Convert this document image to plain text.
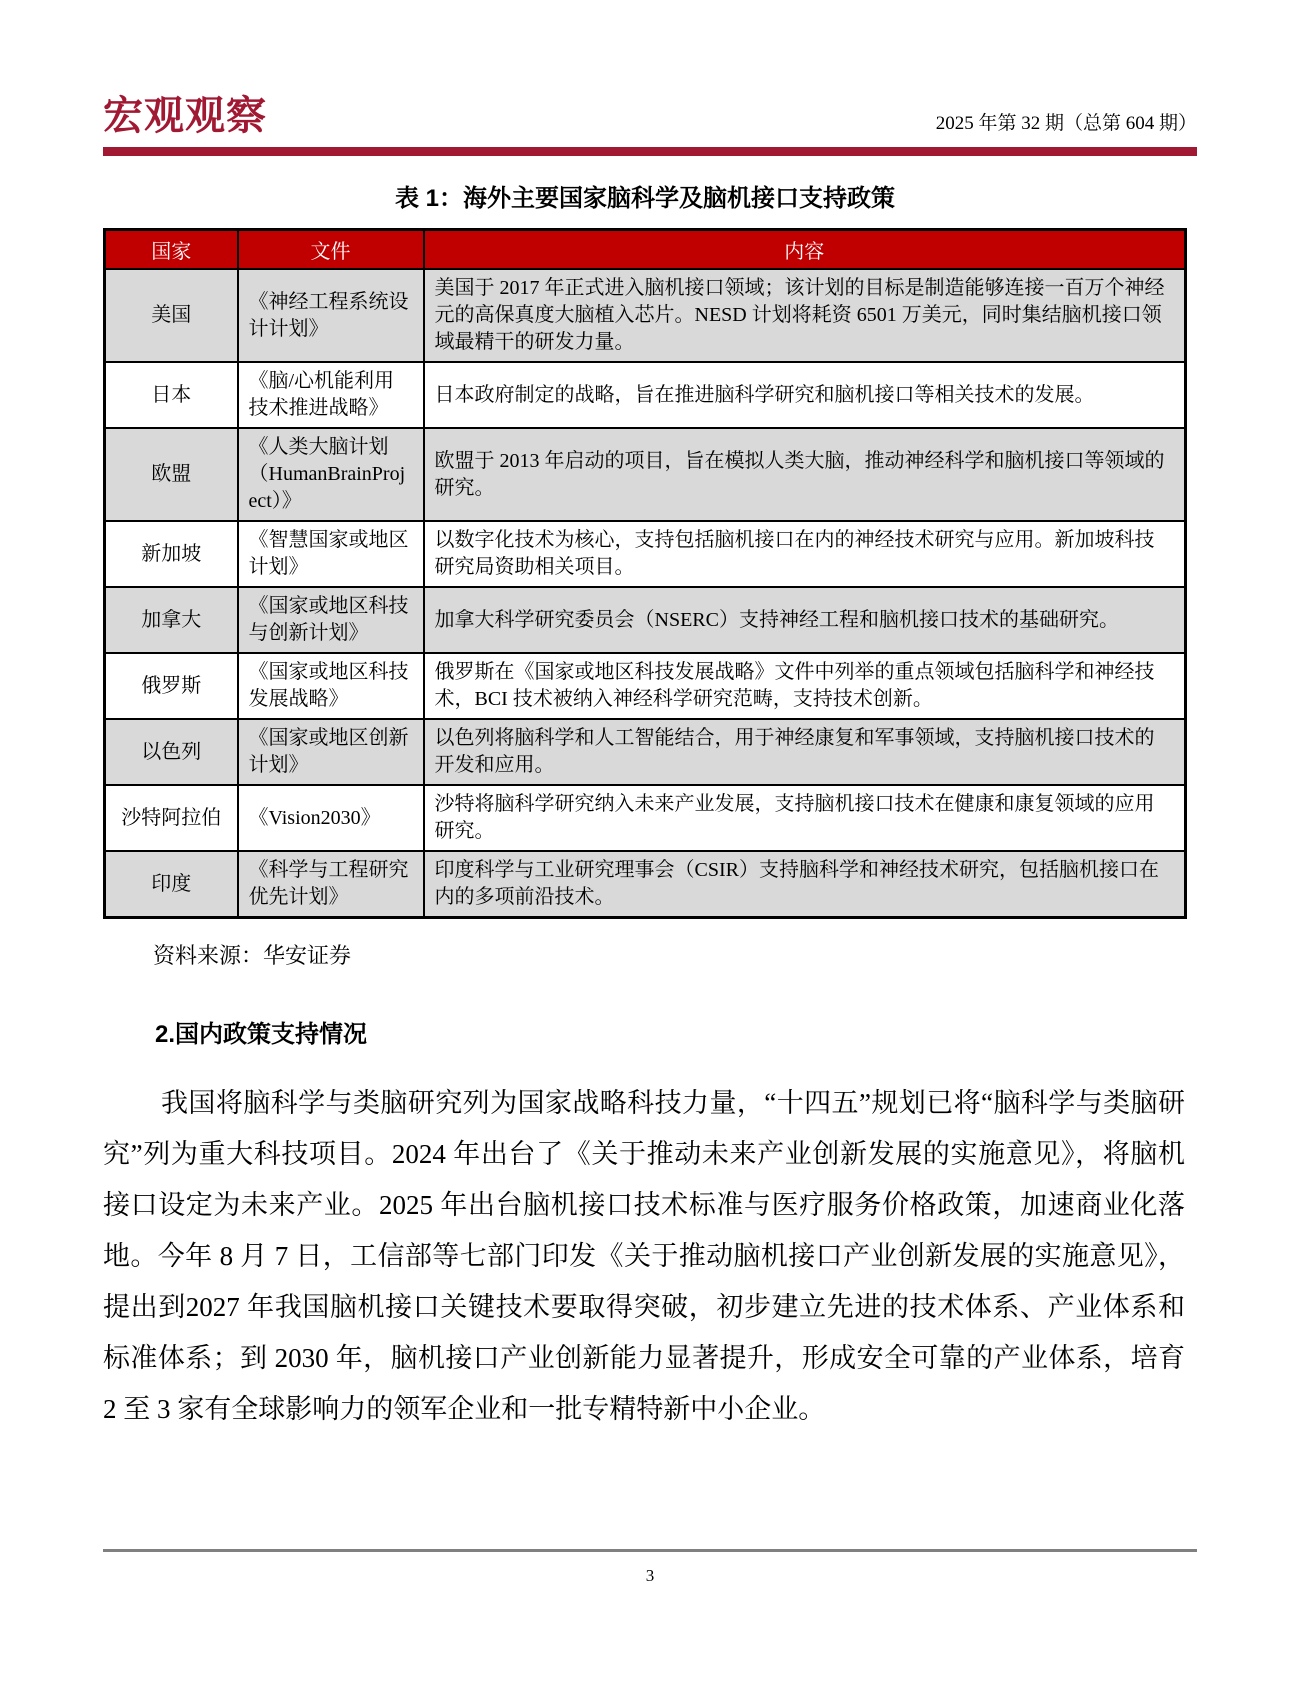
宏观观察	2025 年第 32 期（总第 604 期）
表 1：海外主要国家脑科学及脑机接口支持政策
国家	文件	内容
美国	《神经工程系统设计计划》	美国于 2017 年正式进入脑机接口领域；该计划的目标是制造能够连接一百万个神经元的高保真度大脑植入芯片。NESD 计划将耗资 6501 万美元，同时集结脑机接口领域最精干的研发力量。
日本	《脑/心机能利用技术推进战略》	日本政府制定的战略，旨在推进脑科学研究和脑机接口等相关技术的发展。
欧盟	《人类大脑计划（HumanBrainProject）》	欧盟于 2013 年启动的项目，旨在模拟人类大脑，推动神经科学和脑机接口等领域的研究。
新加坡	《智慧国家或地区计划》	以数字化技术为核心，支持包括脑机接口在内的神经技术研究与应用。新加坡科技研究局资助相关项目。
加拿大	《国家或地区科技与创新计划》	加拿大科学研究委员会（NSERC）支持神经工程和脑机接口技术的基础研究。
俄罗斯	《国家或地区科技发展战略》	俄罗斯在《国家或地区科技发展战略》文件中列举的重点领域包括脑科学和神经技术，BCI 技术被纳入神经科学研究范畴，支持技术创新。
以色列	《国家或地区创新计划》	以色列将脑科学和人工智能结合，用于神经康复和军事领域，支持脑机接口技术的开发和应用。
沙特阿拉伯	《Vision2030》	沙特将脑科学研究纳入未来产业发展，支持脑机接口技术在健康和康复领域的应用研究。
印度	《科学与工程研究优先计划》	印度科学与工业研究理事会（CSIR）支持脑科学和神经技术研究，包括脑机接口在内的多项前沿技术。
资料来源：华安证券
2.国内政策支持情况
我国将脑科学与类脑研究列为国家战略科技力量，“十四五”规划已将“脑科学与类脑研究”列为重大科技项目。2024 年出台了《关于推动未来产业创新发展的实施意见》，将脑机接口设定为未来产业。2025 年出台脑机接口技术标准与医疗服务价格政策，加速商业化落地。今年 8 月 7 日，工信部等七部门印发《关于推动脑机接口产业创新发展的实施意见》，提出到2027 年我国脑机接口关键技术要取得突破，初步建立先进的技术体系、产业体系和标准体系；到 2030 年，脑机接口产业创新能力显著提升，形成安全可靠的产业体系，培育 2 至 3 家有全球影响力的领军企业和一批专精特新中小企业。
3
